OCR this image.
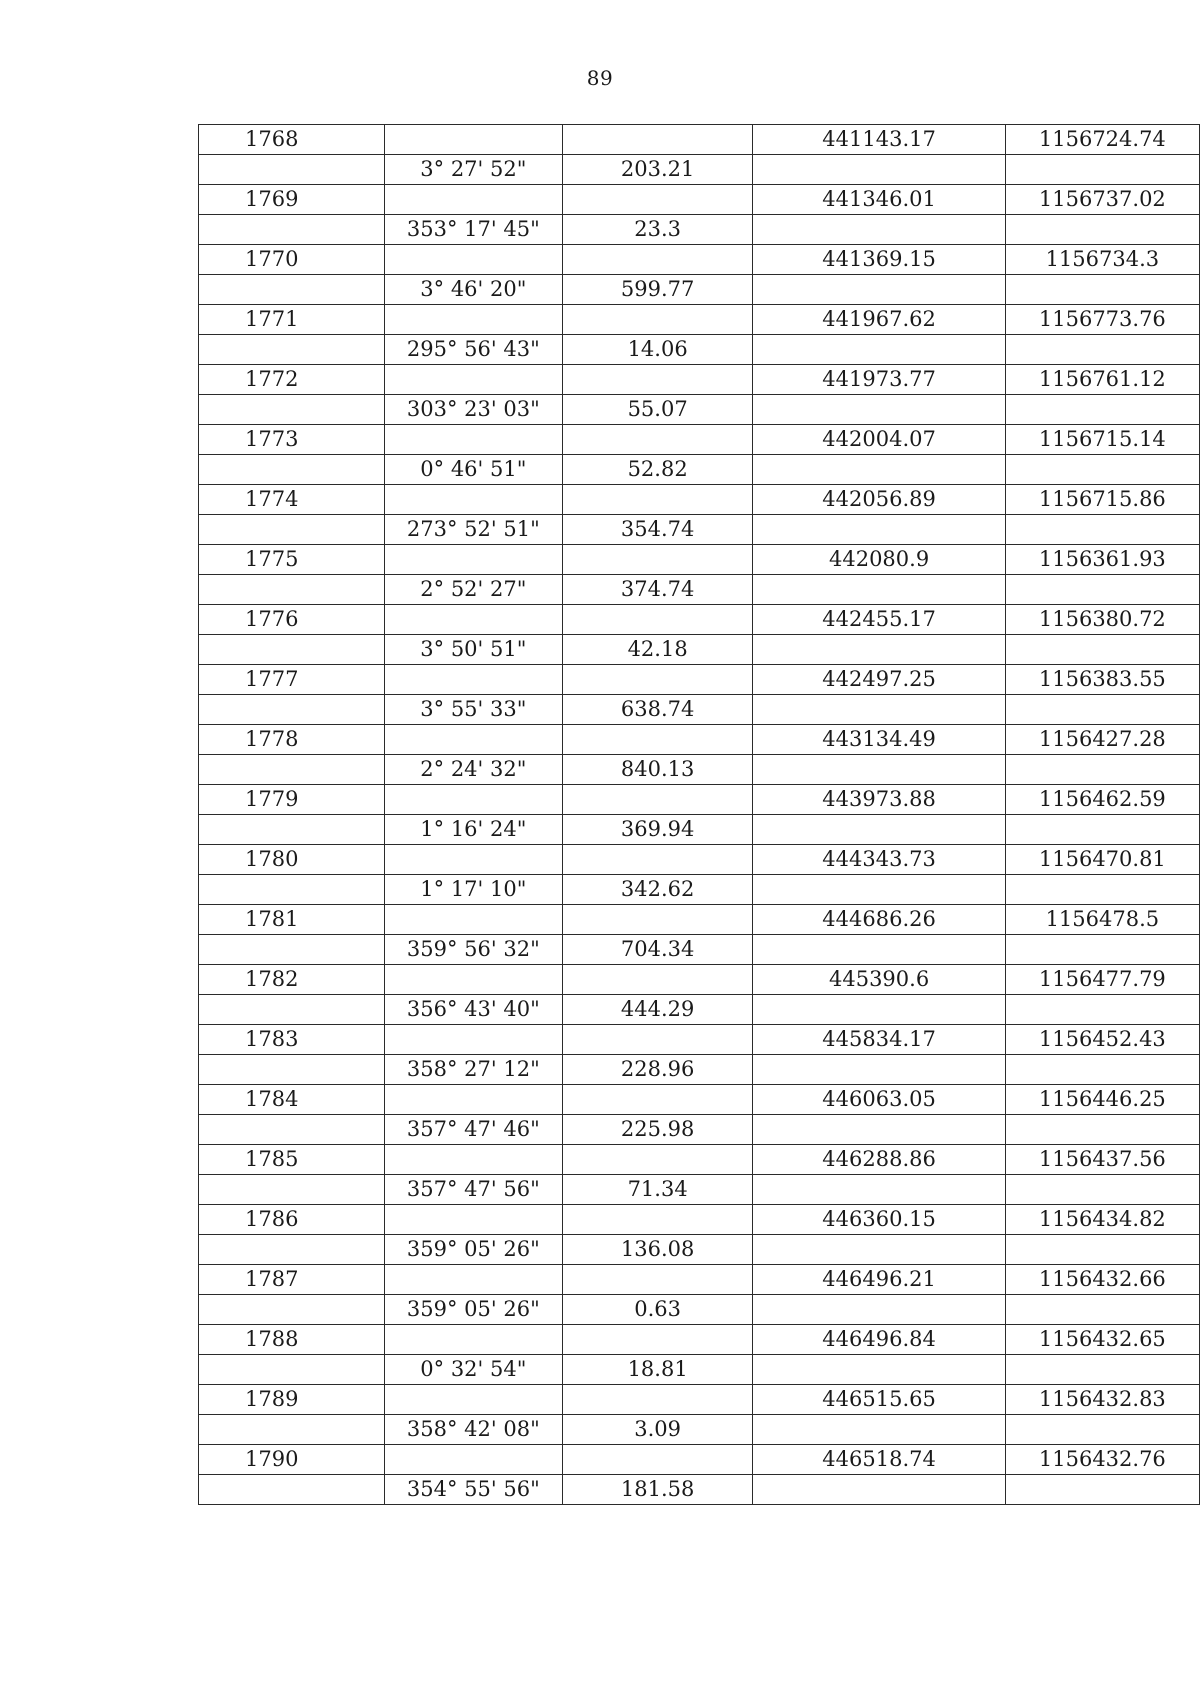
89
1768			441143.17	1156724.74
	3° 27' 52"	203.21		
1769			441346.01	1156737.02
	353° 17' 45"	23.3		
1770			441369.15	1156734.3
	3° 46' 20"	599.77		
1771			441967.62	1156773.76
	295° 56' 43"	14.06		
1772			441973.77	1156761.12
	303° 23' 03"	55.07		
1773			442004.07	1156715.14
	0° 46' 51"	52.82		
1774			442056.89	1156715.86
	273° 52' 51"	354.74		
1775			442080.9	1156361.93
	2° 52' 27"	374.74		
1776			442455.17	1156380.72
	3° 50' 51"	42.18		
1777			442497.25	1156383.55
	3° 55' 33"	638.74		
1778			443134.49	1156427.28
	2° 24' 32"	840.13		
1779			443973.88	1156462.59
	1° 16' 24"	369.94		
1780			444343.73	1156470.81
	1° 17' 10"	342.62		
1781			444686.26	1156478.5
	359° 56' 32"	704.34		
1782			445390.6	1156477.79
	356° 43' 40"	444.29		
1783			445834.17	1156452.43
	358° 27' 12"	228.96		
1784			446063.05	1156446.25
	357° 47' 46"	225.98		
1785			446288.86	1156437.56
	357° 47' 56"	71.34		
1786			446360.15	1156434.82
	359° 05' 26"	136.08		
1787			446496.21	1156432.66
	359° 05' 26"	0.63		
1788			446496.84	1156432.65
	0° 32' 54"	18.81		
1789			446515.65	1156432.83
	358° 42' 08"	3.09		
1790			446518.74	1156432.76
	354° 55' 56"	181.58		
